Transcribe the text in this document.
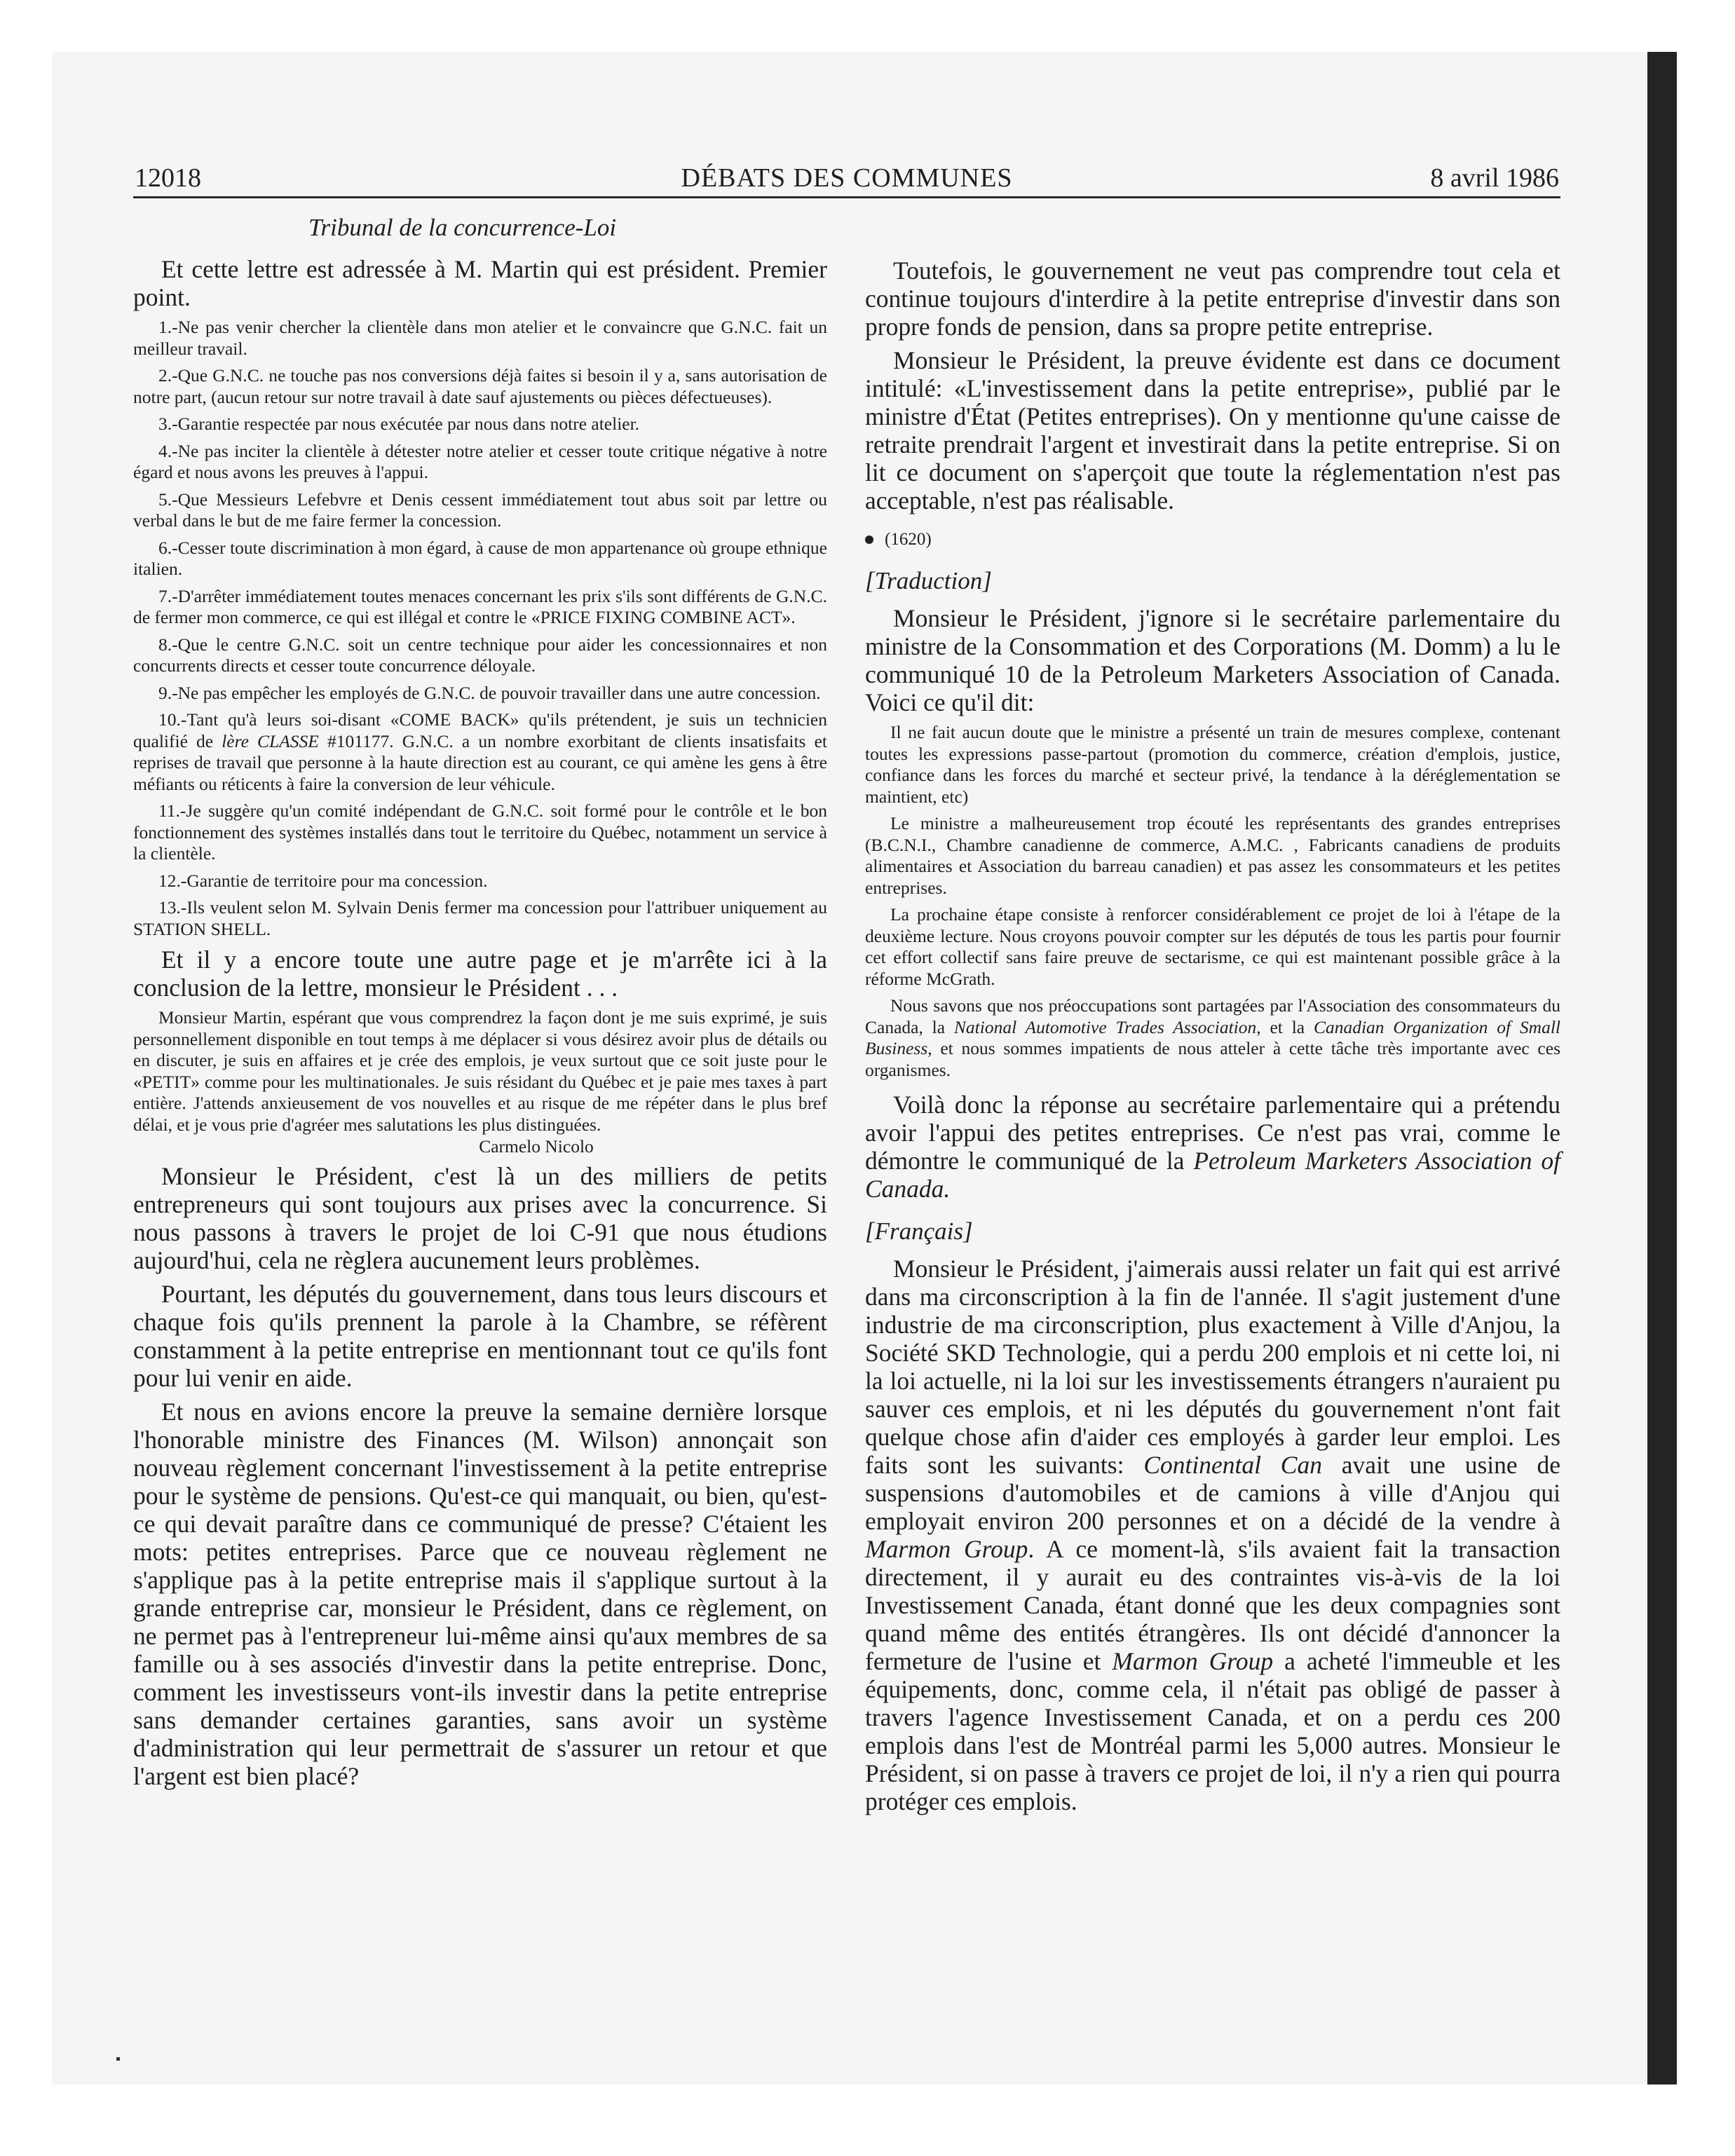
12018	DÉBATS DES COMMUNES	8 avril 1986
Tribunal de la concurrence-Loi

Et cette lettre est adressée à M. Martin qui est président. Premier point.

1.-Ne pas venir chercher la clientèle dans mon atelier et le convaincre que G.N.C. fait un meilleur travail.

2.-Que G.N.C. ne touche pas nos conversions déjà faites si besoin il y a, sans autorisation de notre part, (aucun retour sur notre travail à date sauf ajustements ou pièces défectueuses).

3.-Garantie respectée par nous exécutée par nous dans notre atelier.

4.-Ne pas inciter la clientèle à détester notre atelier et cesser toute critique négative à notre égard et nous avons les preuves à l'appui.

5.-Que Messieurs Lefebvre et Denis cessent immédiatement tout abus soit par lettre ou verbal dans le but de me faire fermer la concession.

6.-Cesser toute discrimination à mon égard, à cause de mon appartenance où groupe ethnique italien.

7.-D'arrêter immédiatement toutes menaces concernant les prix s'ils sont différents de G.N.C. de fermer mon commerce, ce qui est illégal et contre le «PRICE FIXING COMBINE ACT».

8.-Que le centre G.N.C. soit un centre technique pour aider les concessionnaires et non concurrents directs et cesser toute concurrence déloyale.

9.-Ne pas empêcher les employés de G.N.C. de pouvoir travailler dans une autre concession.

10.-Tant qu'à leurs soi-disant «COME BACK» qu'ils prétendent, je suis un technicien qualifié de lère CLASSE #101177. G.N.C. a un nombre exorbitant de clients insatisfaits et reprises de travail que personne à la haute direction est au courant, ce qui amène les gens à être méfiants ou réticents à faire la conversion de leur véhicule.

11.-Je suggère qu'un comité indépendant de G.N.C. soit formé pour le contrôle et le bon fonctionnement des systèmes installés dans tout le territoire du Québec, notamment un service à la clientèle.

12.-Garantie de territoire pour ma concession.

13.-Ils veulent selon M. Sylvain Denis fermer ma concession pour l'attribuer uniquement au STATION SHELL.

Et il y a encore toute une autre page et je m'arrête ici à la conclusion de la lettre, monsieur le Président . . .

Monsieur Martin, espérant que vous comprendrez la façon dont je me suis exprimé, je suis personnellement disponible en tout temps à me déplacer si vous désirez avoir plus de détails ou en discuter, je suis en affaires et je crée des emplois, je veux surtout que ce soit juste pour le «PETIT» comme pour les multinationales. Je suis résidant du Québec et je paie mes taxes à part entière. J'attends anxieusement de vos nouvelles et au risque de me répéter dans le plus bref délai, et je vous prie d'agréer mes salutations les plus distinguées.

Carmelo Nicolo

Monsieur le Président, c'est là un des milliers de petits entrepreneurs qui sont toujours aux prises avec la concurrence. Si nous passons à travers le projet de loi C-91 que nous étudions aujourd'hui, cela ne règlera aucunement leurs problèmes.

Pourtant, les députés du gouvernement, dans tous leurs discours et chaque fois qu'ils prennent la parole à la Chambre, se réfèrent constamment à la petite entreprise en mentionnant tout ce qu'ils font pour lui venir en aide.

Et nous en avions encore la preuve la semaine dernière lorsque l'honorable ministre des Finances (M. Wilson) annonçait son nouveau règlement concernant l'investissement à la petite entreprise pour le système de pensions. Qu'est-ce qui manquait, ou bien, qu'est-ce qui devait paraître dans ce communiqué de presse? C'étaient les mots: petites entreprises. Parce que ce nouveau règlement ne s'applique pas à la petite entreprise mais il s'applique surtout à la grande entreprise car, monsieur le Président, dans ce règlement, on ne permet pas à l'entrepreneur lui-même ainsi qu'aux membres de sa famille ou à ses associés d'investir dans la petite entreprise. Donc, comment les investisseurs vont-ils investir dans la petite entreprise sans demander certaines garanties, sans avoir un système d'administration qui leur permettrait de s'assurer un retour et que l'argent est bien placé?

Toutefois, le gouvernement ne veut pas comprendre tout cela et continue toujours d'interdire à la petite entreprise d'investir dans son propre fonds de pension, dans sa propre petite entreprise.

Monsieur le Président, la preuve évidente est dans ce document intitulé: «L'investissement dans la petite entreprise», publié par le ministre d'État (Petites entreprises). On y mentionne qu'une caisse de retraite prendrait l'argent et investirait dans la petite entreprise. Si on lit ce document on s'aperçoit que toute la réglementation n'est pas acceptable, n'est pas réalisable.

(1620)
[Traduction]

Monsieur le Président, j'ignore si le secrétaire parlementaire du ministre de la Consommation et des Corporations (M. Domm) a lu le communiqué 10 de la Petroleum Marketers Association of Canada. Voici ce qu'il dit:

Il ne fait aucun doute que le ministre a présenté un train de mesures complexe, contenant toutes les expressions passe-partout (promotion du commerce, création d'emplois, justice, confiance dans les forces du marché et secteur privé, la tendance à la déréglementation se maintient, etc)

Le ministre a malheureusement trop écouté les représentants des grandes entreprises (B.C.N.I., Chambre canadienne de commerce, A.M.C. , Fabricants canadiens de produits alimentaires et Association du barreau canadien) et pas assez les consommateurs et les petites entreprises.

La prochaine étape consiste à renforcer considérablement ce projet de loi à l'étape de la deuxième lecture. Nous croyons pouvoir compter sur les députés de tous les partis pour fournir cet effort collectif sans faire preuve de sectarisme, ce qui est maintenant possible grâce à la réforme McGrath.

Nous savons que nos préoccupations sont partagées par l'Association des consommateurs du Canada, la National Automotive Trades Association, et la Canadian Organization of Small Business, et nous sommes impatients de nous atteler à cette tâche très importante avec ces organismes.

Voilà donc la réponse au secrétaire parlementaire qui a prétendu avoir l'appui des petites entreprises. Ce n'est pas vrai, comme le démontre le communiqué de la Petroleum Marketers Association of Canada.

[Français]

Monsieur le Président, j'aimerais aussi relater un fait qui est arrivé dans ma circonscription à la fin de l'année. Il s'agit justement d'une industrie de ma circonscription, plus exactement à Ville d'Anjou, la Société SKD Technologie, qui a perdu 200 emplois et ni cette loi, ni la loi actuelle, ni la loi sur les investissements étrangers n'auraient pu sauver ces emplois, et ni les députés du gouvernement n'ont fait quelque chose afin d'aider ces employés à garder leur emploi. Les faits sont les suivants: Continental Can avait une usine de suspensions d'automobiles et de camions à ville d'Anjou qui employait environ 200 personnes et on a décidé de la vendre à Marmon Group. A ce moment-là, s'ils avaient fait la transaction directement, il y aurait eu des contraintes vis-à-vis de la loi Investissement Canada, étant donné que les deux compagnies sont quand même des entités étrangères. Ils ont décidé d'annoncer la fermeture de l'usine et Marmon Group a acheté l'immeuble et les équipements, donc, comme cela, il n'était pas obligé de passer à travers l'agence Investissement Canada, et on a perdu ces 200 emplois dans l'est de Montréal parmi les 5,000 autres. Monsieur le Président, si on passe à travers ce projet de loi, il n'y a rien qui pourra protéger ces emplois.
